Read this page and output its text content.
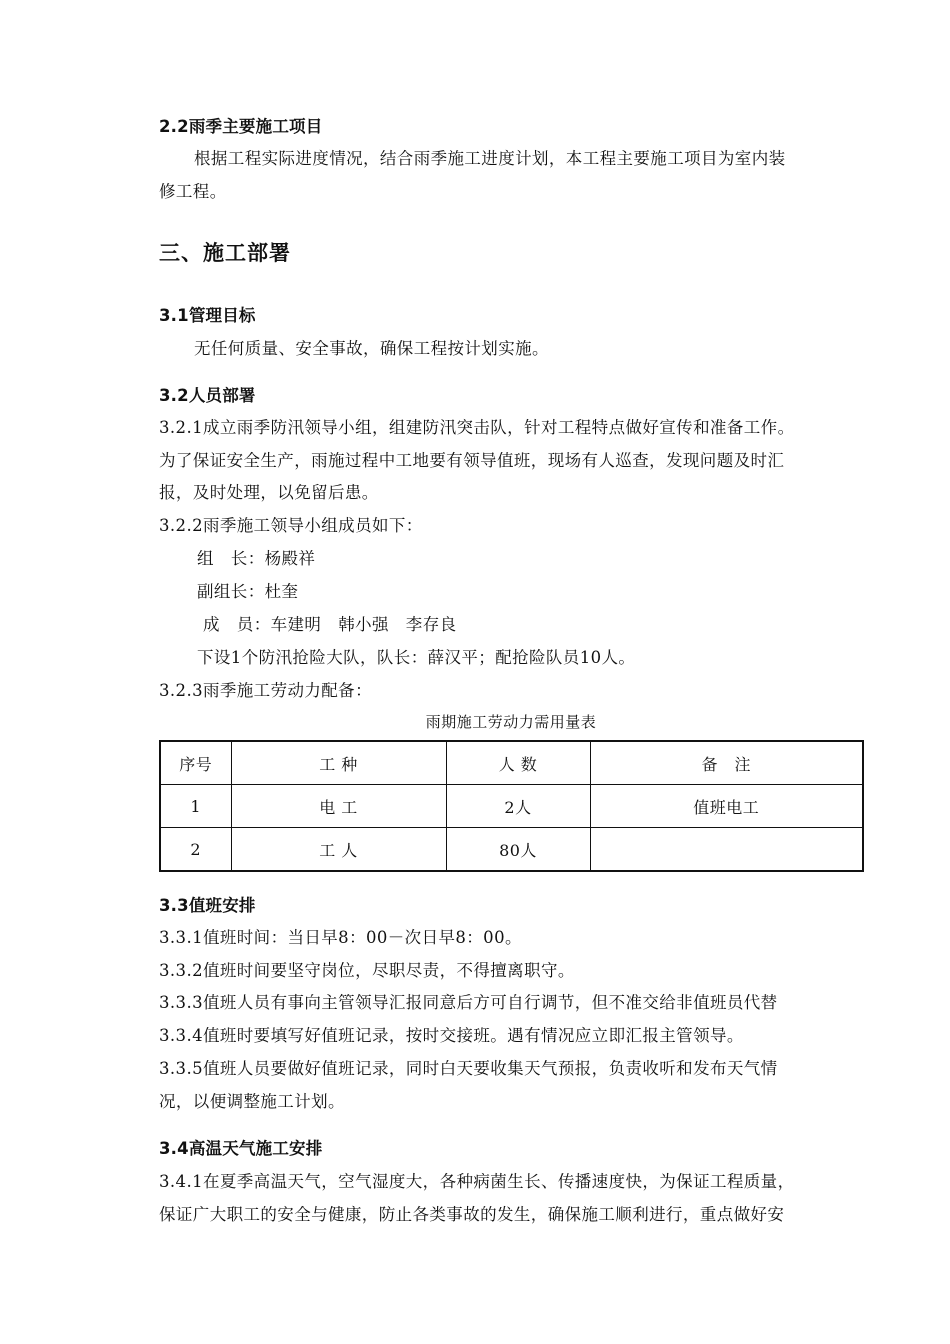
2.2雨季主要施工项目
根据工程实际进度情况，结合雨季施工进度计划，本工程主要施工项目为室内装
修工程。
三、施工部署
3.1管理目标
无任何质量、安全事故，确保工程按计划实施。
3.2人员部署
3.2.1成立雨季防汛领导小组，组建防汛突击队，针对工程特点做好宣传和准备工作。
为了保证安全生产，雨施过程中工地要有领导值班，现场有人巡查，发现问题及时汇
报，及时处理，以免留后患。
3.2.2雨季施工领导小组成员如下：
组　长：杨殿祥
副组长：杜奎
成　员：车建明　韩小强　李存良
下设1个防汛抢险大队，队长：薛汉平；配抢险队员10人。
3.2.3雨季施工劳动力配备：
雨期施工劳动力需用量表
序号	工 种	人 数	备　注
1	电 工	2人	值班电工
2	工 人	80人	
3.3值班安排
3.3.1值班时间：当日早8：00－次日早8：00。
3.3.2值班时间要坚守岗位，尽职尽责，不得擅离职守。
3.3.3值班人员有事向主管领导汇报同意后方可自行调节，但不准交给非值班员代替
3.3.4值班时要填写好值班记录，按时交接班。遇有情况应立即汇报主管领导。
3.3.5值班人员要做好值班记录，同时白天要收集天气预报，负责收听和发布天气情
况，以便调整施工计划。
3.4高温天气施工安排
3.4.1在夏季高温天气，空气湿度大，各种病菌生长、传播速度快，为保证工程质量，
保证广大职工的安全与健康，防止各类事故的发生，确保施工顺利进行，重点做好安
